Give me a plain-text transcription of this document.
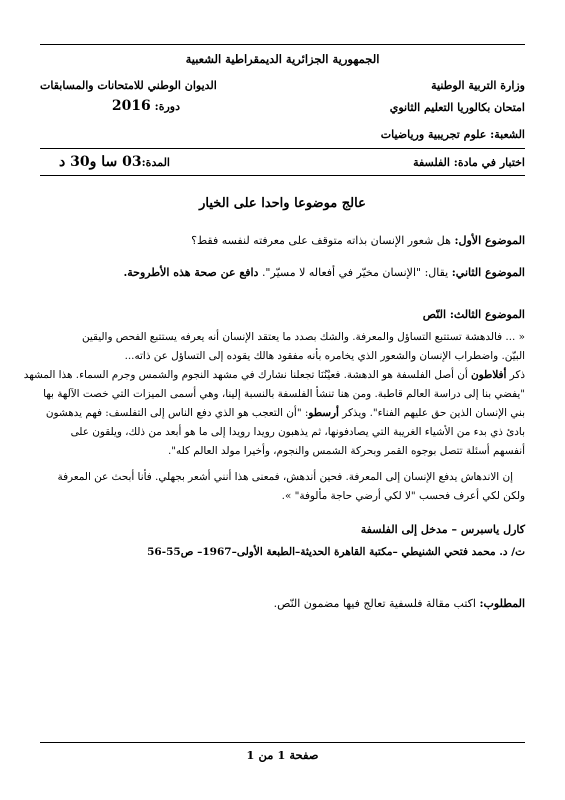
الجمهورية الجزائرية الديمقراطية الشعبية
وزارة التربية الوطنية
الديوان الوطني للامتحانات والمسابقات
امتحان بكالوريا التعليم الثانوي
دورة: 2016
الشعبة: علوم تجريبية ورياضيات
اختبار في مادة: الفلسفة
المدة:03 سا و30 د
عالج موضوعا واحدا على الخيار
الموضوع الأول: هل شعور الإنسان بذاته متوقف على معرفته لنفسه فقط؟
الموضوع الثاني: يقال: "الإنسان مخيّر في أفعاله لا مسيّر". دافع عن صحة هذه الأطروحة.
الموضوع الثالث: النّص
« ... فالدهشة تستتبع التساؤل والمعرفة. والشك بصدد ما يعتقد الإنسان أنه يعرفه يستتبع الفحص واليقين
البيّن. واضطراب الإنسان والشعور الذي يخامره بأنه مفقود هالك يقوده إلى التساؤل عن ذاته...
ذكر أفلاطون أن أصل الفلسفة هو الدهشة. فعيْنُنَا تجعلنا نشارك في مشهد النجوم والشمس وجرم السماء. هذا المشهد
"يفضي بنا إلى دراسة العالم قاطبة. ومن هنا تنشأ الفلسفة بالنسبة إلينا، وهي أسمى الميزات التي خصت الآلهة بها
بني الإنسان الذين حق عليهم الفناء". ويذكر أرسطو: "أن التعجب هو الذي دفع الناس إلى التفلسف: فهم يدهشون
بادئ ذي بدء من الأشياء الغريبة التي يصادفونها، ثم يذهبون رويدا رويدا إلى ما هو أبعد من ذلك، ويلقون على
أنفسهم أسئلة تتصل بوجوه القمر وبحركة الشمس والنجوم، وأخيرا مولد العالم كله".
إن الاندهاش يدفع الإنسان إلى المعرفة. فحين أندهش، فمعنى هذا أنني أشعر بجهلي. فأنا أبحث عن المعرفة
ولكن لكي أعرف فحسب "لا لكي أرضي حاجة مألوفة" ».
كارل ياسبرس – مدخل إلى الفلسفة
ت/ د. محمد فتحي الشنيطي –مكتبة القاهرة الحديثة–الطبعة الأولى–1967– ص55-56
المطلوب: اكتب مقالة فلسفية تعالج فيها مضمون النّص.
صفحة 1 من 1
